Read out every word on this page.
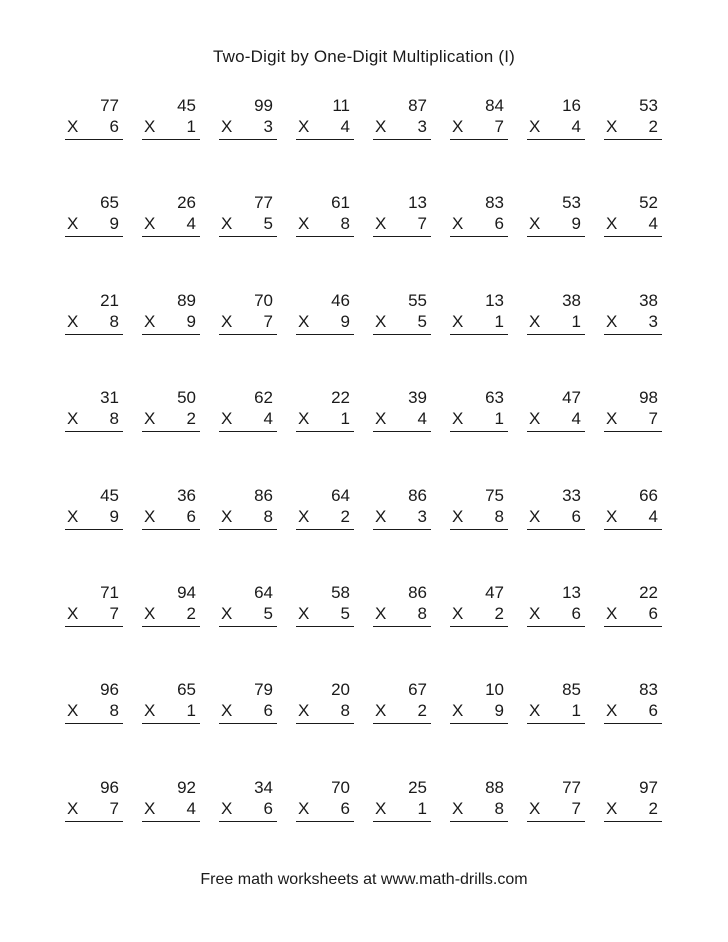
Two-Digit by One-Digit Multiplication (I)
77
X 6
45
X 1
99
X 3
11
X 4
87
X 3
84
X 7
16
X 4
53
X 2
65
X 9
26
X 4
77
X 5
61
X 8
13
X 7
83
X 6
53
X 9
52
X 4
21
X 8
89
X 9
70
X 7
46
X 9
55
X 5
13
X 1
38
X 1
38
X 3
31
X 8
50
X 2
62
X 4
22
X 1
39
X 4
63
X 1
47
X 4
98
X 7
45
X 9
36
X 6
86
X 8
64
X 2
86
X 3
75
X 8
33
X 6
66
X 4
71
X 7
94
X 2
64
X 5
58
X 5
86
X 8
47
X 2
13
X 6
22
X 6
96
X 8
65
X 1
79
X 6
20
X 8
67
X 2
10
X 9
85
X 1
83
X 6
96
X 7
92
X 4
34
X 6
70
X 6
25
X 1
88
X 8
77
X 7
97
X 2
Free math worksheets at www.math-drills.com
